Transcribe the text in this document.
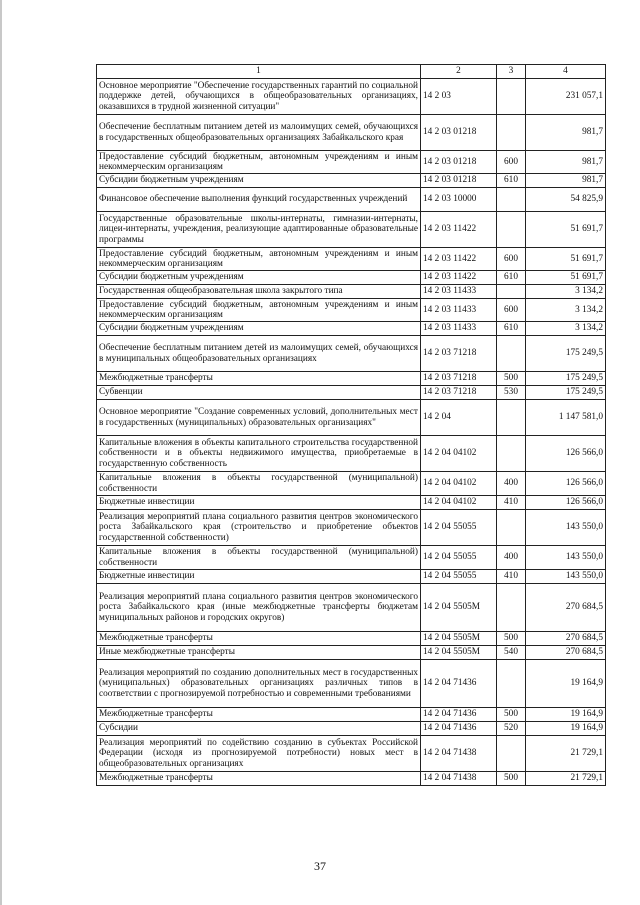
1	2	3	4
Основное мероприятие "Обеспечение государственных гарантий по социальной поддержке детей, обучающихся в общеобразовательных организациях, оказавшихся в трудной жизненной ситуации"	14 2 03		231 057,1
Обеспечение бесплатным питанием детей из малоимущих семей, обучающихся в государственных общеобразовательных организациях Забайкальского края	14 2 03 01218		981,7
Предоставление субсидий бюджетным, автономным учреждениям и иным некоммерческим организациям	14 2 03 01218	600	981,7
Субсидии бюджетным учреждениям	14 2 03 01218	610	981,7
Финансовое обеспечение выполнения функций государственных учреждений	14 2 03 10000		54 825,9
Государственные образовательные школы-интернаты, гимназии-интернаты, лицеи-интернаты, учреждения, реализующие адаптированные образовательные программы	14 2 03 11422		51 691,7
Предоставление субсидий бюджетным, автономным учреждениям и иным некоммерческим организациям	14 2 03 11422	600	51 691,7
Субсидии бюджетным учреждениям	14 2 03 11422	610	51 691,7
Государственная общеобразовательная школа закрытого типа	14 2 03 11433		3 134,2
Предоставление субсидий бюджетным, автономным учреждениям и иным некоммерческим организациям	14 2 03 11433	600	3 134,2
Субсидии бюджетным учреждениям	14 2 03 11433	610	3 134,2
Обеспечение бесплатным питанием детей из малоимущих семей, обучающихся в муниципальных общеобразовательных организациях	14 2 03 71218		175 249,5
Межбюджетные трансферты	14 2 03 71218	500	175 249,5
Субвенции	14 2 03 71218	530	175 249,5
Основное мероприятие "Создание современных условий, дополнительных мест в государственных (муниципальных) образовательных организациях"	14 2 04		1 147 581,0
Капитальные вложения в объекты капитального строительства государственной собственности и в объекты недвижимого имущества, приобретаемые в государственную собственность	14 2 04 04102		126 566,0
Капитальные вложения в объекты государственной (муниципальной) собственности	14 2 04 04102	400	126 566,0
Бюджетные инвестиции	14 2 04 04102	410	126 566,0
Реализация мероприятий плана социального развития центров экономического роста Забайкальского края (строительство и приобретение объектов государственной собственности)	14 2 04 55055		143 550,0
Капитальные вложения в объекты государственной (муниципальной) собственности	14 2 04 55055	400	143 550,0
Бюджетные инвестиции	14 2 04 55055	410	143 550,0
Реализация мероприятий плана социального развития центров экономического роста Забайкальского края (иные межбюджетные трансферты бюджетам муниципальных районов и городских округов)	14 2 04 5505М		270 684,5
Межбюджетные трансферты	14 2 04 5505М	500	270 684,5
Иные межбюджетные трансферты	14 2 04 5505М	540	270 684,5
Реализация мероприятий по созданию дополнительных мест в государственных (муниципальных) образовательных организациях различных типов в соответствии с прогнозируемой потребностью и современными требованиями	14 2 04 71436		19 164,9
Межбюджетные трансферты	14 2 04 71436	500	19 164,9
Субсидии	14 2 04 71436	520	19 164,9
Реализация мероприятий по содействию созданию в субъектах Российской Федерации (исходя из прогнозируемой потребности) новых мест в общеобразовательных организациях	14 2 04 71438		21 729,1
Межбюджетные трансферты	14 2 04 71438	500	21 729,1
37
